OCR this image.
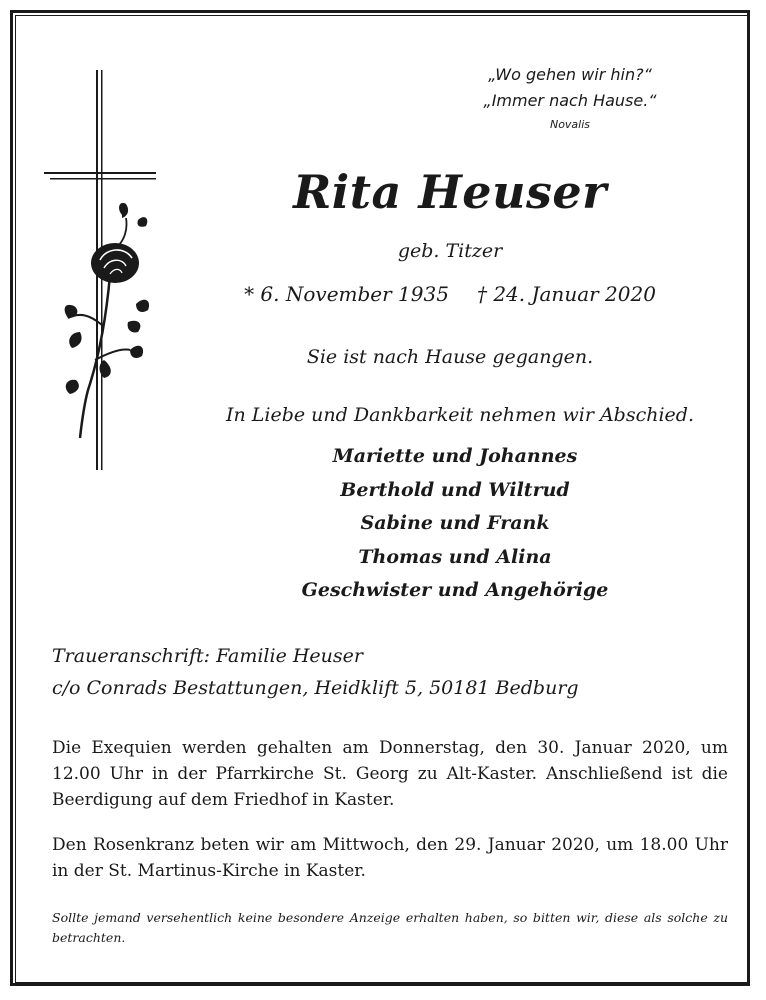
„Wo gehen wir hin?“

„Immer nach Hause.“

Novalis

Rita Heuser

geb. Titzer

* 6. November 1935 † 24. Januar 2020

Sie ist nach Hause gegangen.

In Liebe und Dankbarkeit nehmen wir Abschied.

Mariette und Johannes
Berthold und Wiltrud
Sabine und Frank
Thomas und Alina
Geschwister und Angehörige
Traueranschrift: Familie Heuser
c/o Conrads Bestattungen, Heidklift 5, 50181 Bedburg

Die Exequien werden gehalten am Donnerstag, den 30. Januar 2020, um 12.00 Uhr in der Pfarrkirche St. Georg zu Alt-Kaster. Anschließend ist die Beerdigung auf dem Friedhof in Kaster.

Den Rosenkranz beten wir am Mittwoch, den 29. Januar 2020, um 18.00 Uhr in der St. Martinus-Kirche in Kaster.

Sollte jemand versehentlich keine besondere Anzeige erhalten haben, so bitten wir, diese als solche zu betrachten.
